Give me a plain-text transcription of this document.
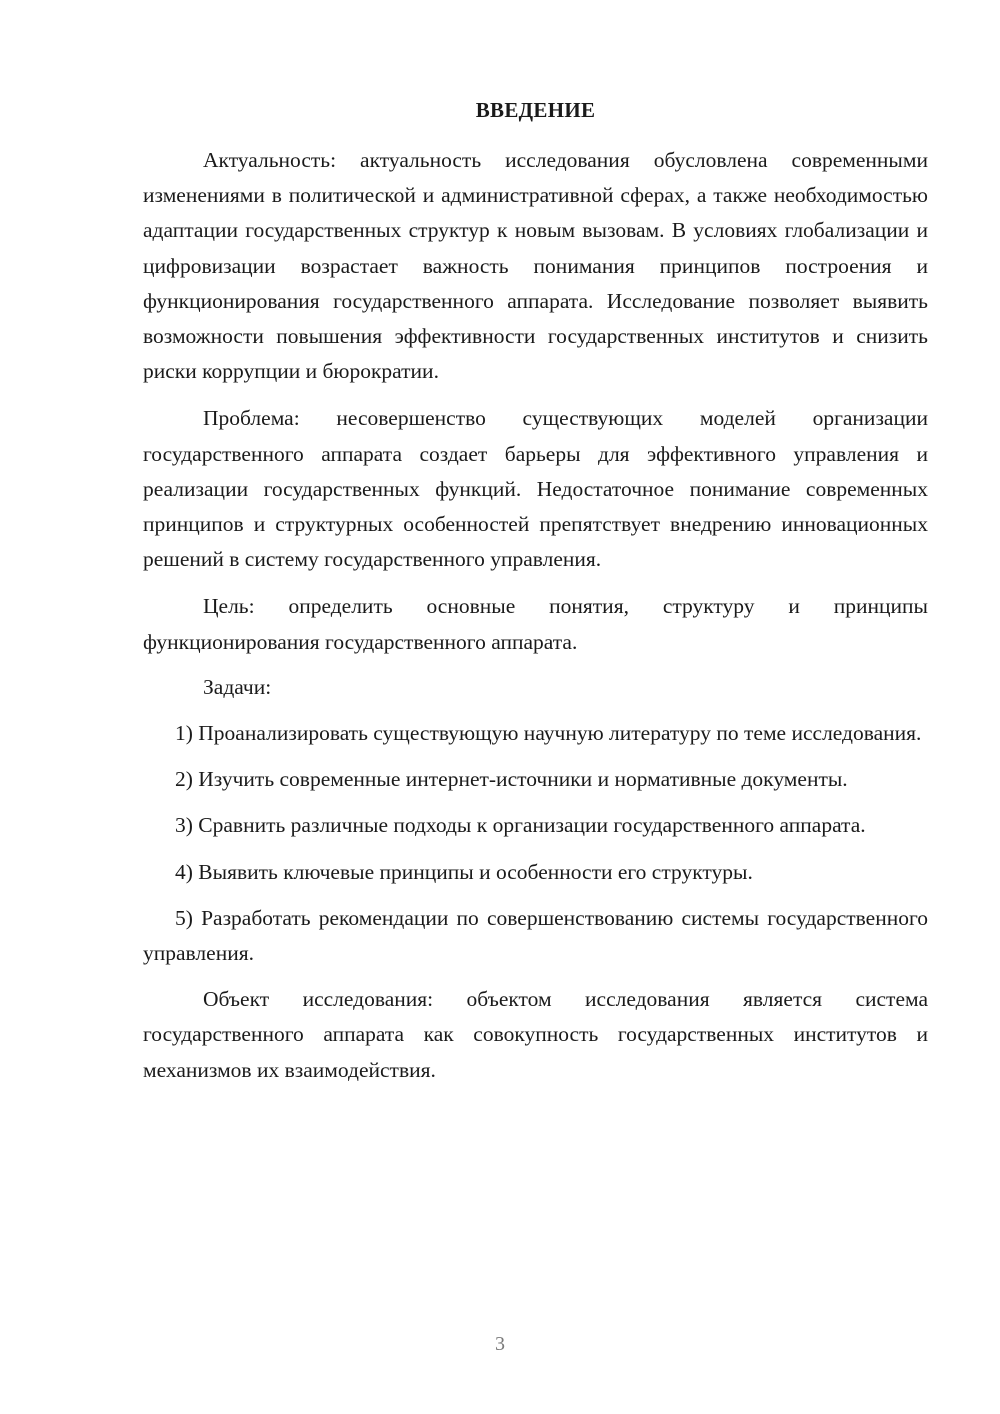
ВВЕДЕНИЕ

Актуальность: актуальность исследования обусловлена современными изменениями в политической и административной сферах, а также необходимостью адаптации государственных структур к новым вызовам. В условиях глобализации и цифровизации возрастает важность понимания принципов построения и функционирования государственного аппарата. Исследование позволяет выявить возможности повышения эффективности государственных институтов и снизить риски коррупции и бюрократии.

Проблема: несовершенство существующих моделей организации государственного аппарата создает барьеры для эффективного управления и реализации государственных функций. Недостаточное понимание современных принципов и структурных особенностей препятствует внедрению инновационных решений в систему государственного управления.

Цель: определить основные понятия, структуру и принципы функционирования государственного аппарата.

Задачи:

1) Проанализировать существующую научную литературу по теме исследования.

2) Изучить современные интернет-источники и нормативные документы.

3) Сравнить различные подходы к организации государственного аппарата.

4) Выявить ключевые принципы и особенности его структуры.

5) Разработать рекомендации по совершенствованию системы государственного управления.

Объект исследования: объектом исследования является система государственного аппарата как совокупность государственных институтов и механизмов их взаимодействия.

3
